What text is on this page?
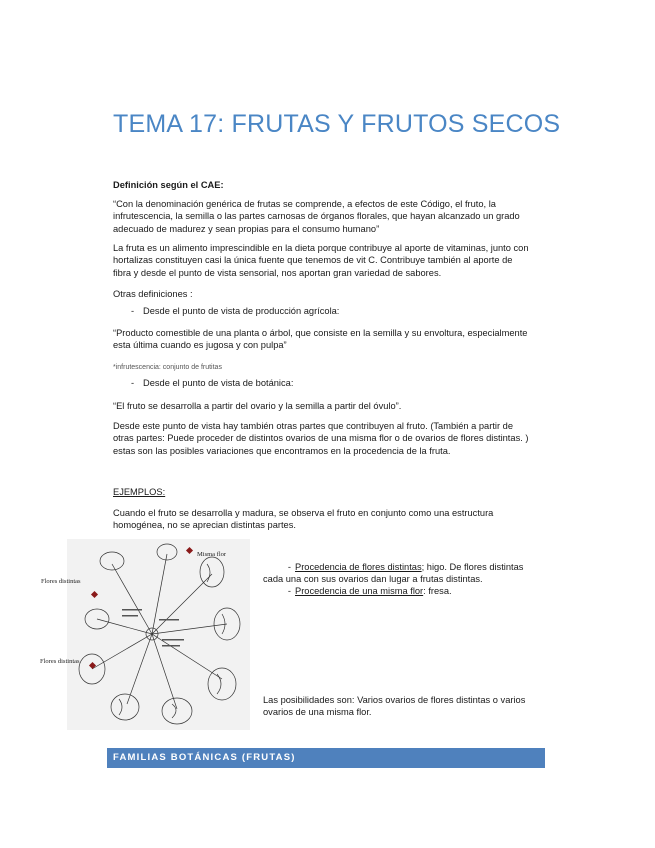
TEMA 17: FRUTAS Y FRUTOS SECOS
Definición según el CAE:
“Con la denominación genérica de frutas se comprende, a efectos de este Código, el fruto, la infrutescencia, la semilla o las partes carnosas de órganos florales, que hayan alcanzado un grado adecuado de madurez y sean propias para el consumo humano”
La fruta es un alimento imprescindible en la dieta porque contribuye al aporte de vitaminas, junto con hortalizas constituyen casi la única fuente que tenemos de vit C. Contribuye también al aporte de fibra y desde el punto de vista sensorial, nos aportan gran variedad de sabores.
Otras definiciones :
- Desde el punto de vista de producción agrícola:
“Producto comestible de una planta o árbol, que consiste en la semilla y su envoltura, especialmente esta última cuando es jugosa y con pulpa”
*infrutescencia: conjunto de frutitas
- Desde el punto de vista de botánica:
“El fruto se desarrolla a partir del ovario y la semilla a partir del óvulo”.
Desde este punto de vista hay también otras partes que contribuyen al fruto. (También a partir de otras partes: Puede proceder de distintos ovarios de una misma flor o de ovarios de flores distintas. ) estas son las posibles variaciones que encontramos en la procedencia de la fruta.
EJEMPLOS:
Cuando el fruto se desarrolla y madura, se observa el fruto en conjunto como una estructura homogénea, no se aprecian distintas partes.
Misma flor
Flores distintas
Flores distintas
- Procedencia de flores distintas; higo. De flores distintas cada una con sus ovarios dan lugar a frutas distintas.
- Procedencia de una misma flor: fresa.
Las posibilidades son: Varios ovarios de flores distintas o varios ovarios de una misma flor.
FAMILIAS BOTÁNICAS (FRUTAS)
